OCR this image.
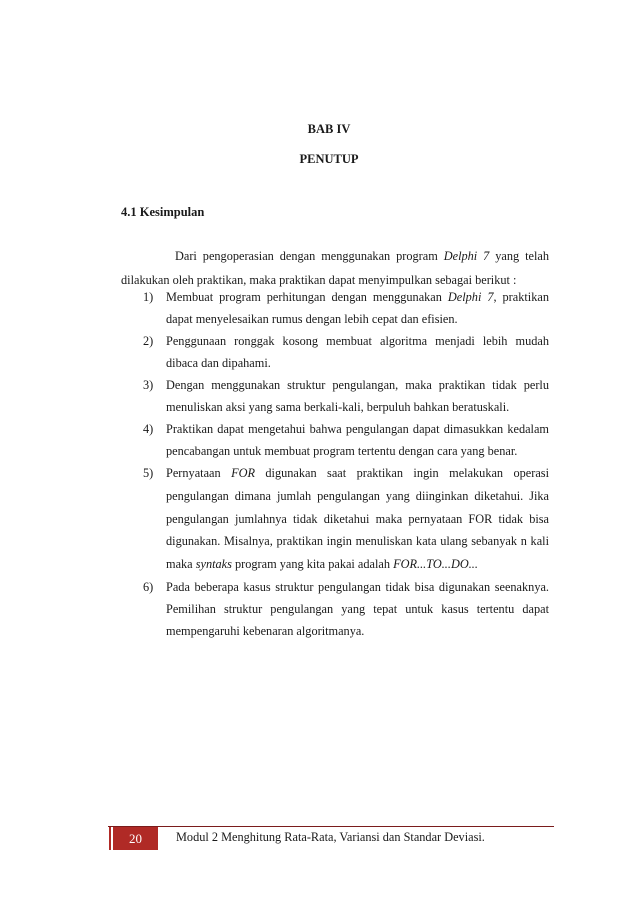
BAB IV
PENUTUP
4.1 Kesimpulan

Dari pengoperasian dengan menggunakan program Delphi 7 yang telah dilakukan oleh praktikan, maka praktikan dapat menyimpulkan sebagai berikut :

1)	Membuat program perhitungan dengan menggunakan Delphi 7, praktikan dapat menyelesaikan rumus dengan lebih cepat dan efisien.
2)	Penggunaan ronggak kosong membuat algoritma menjadi lebih mudah dibaca dan dipahami.
3)	Dengan menggunakan struktur pengulangan, maka praktikan tidak perlu menuliskan aksi yang sama berkali-kali, berpuluh bahkan beratuskali.
4)	Praktikan dapat mengetahui bahwa pengulangan dapat dimasukkan kedalam pencabangan untuk membuat program tertentu dengan cara yang benar.
5)	Pernyataan FOR digunakan saat praktikan ingin melakukan operasi pengulangan dimana jumlah pengulangan yang diinginkan diketahui. Jika pengulangan jumlahnya tidak diketahui maka pernyataan FOR tidak bisa digunakan. Misalnya, praktikan ingin menuliskan kata ulang sebanyak n kali maka syntaks program yang kita pakai adalah FOR...TO...DO...
6)	Pada beberapa kasus struktur pengulangan tidak bisa digunakan seenaknya. Pemilihan struktur pengulangan yang tepat untuk kasus tertentu dapat mempengaruhi kebenaran algoritmanya.
20	Modul 2 Menghitung Rata-Rata, Variansi dan Standar Deviasi.
